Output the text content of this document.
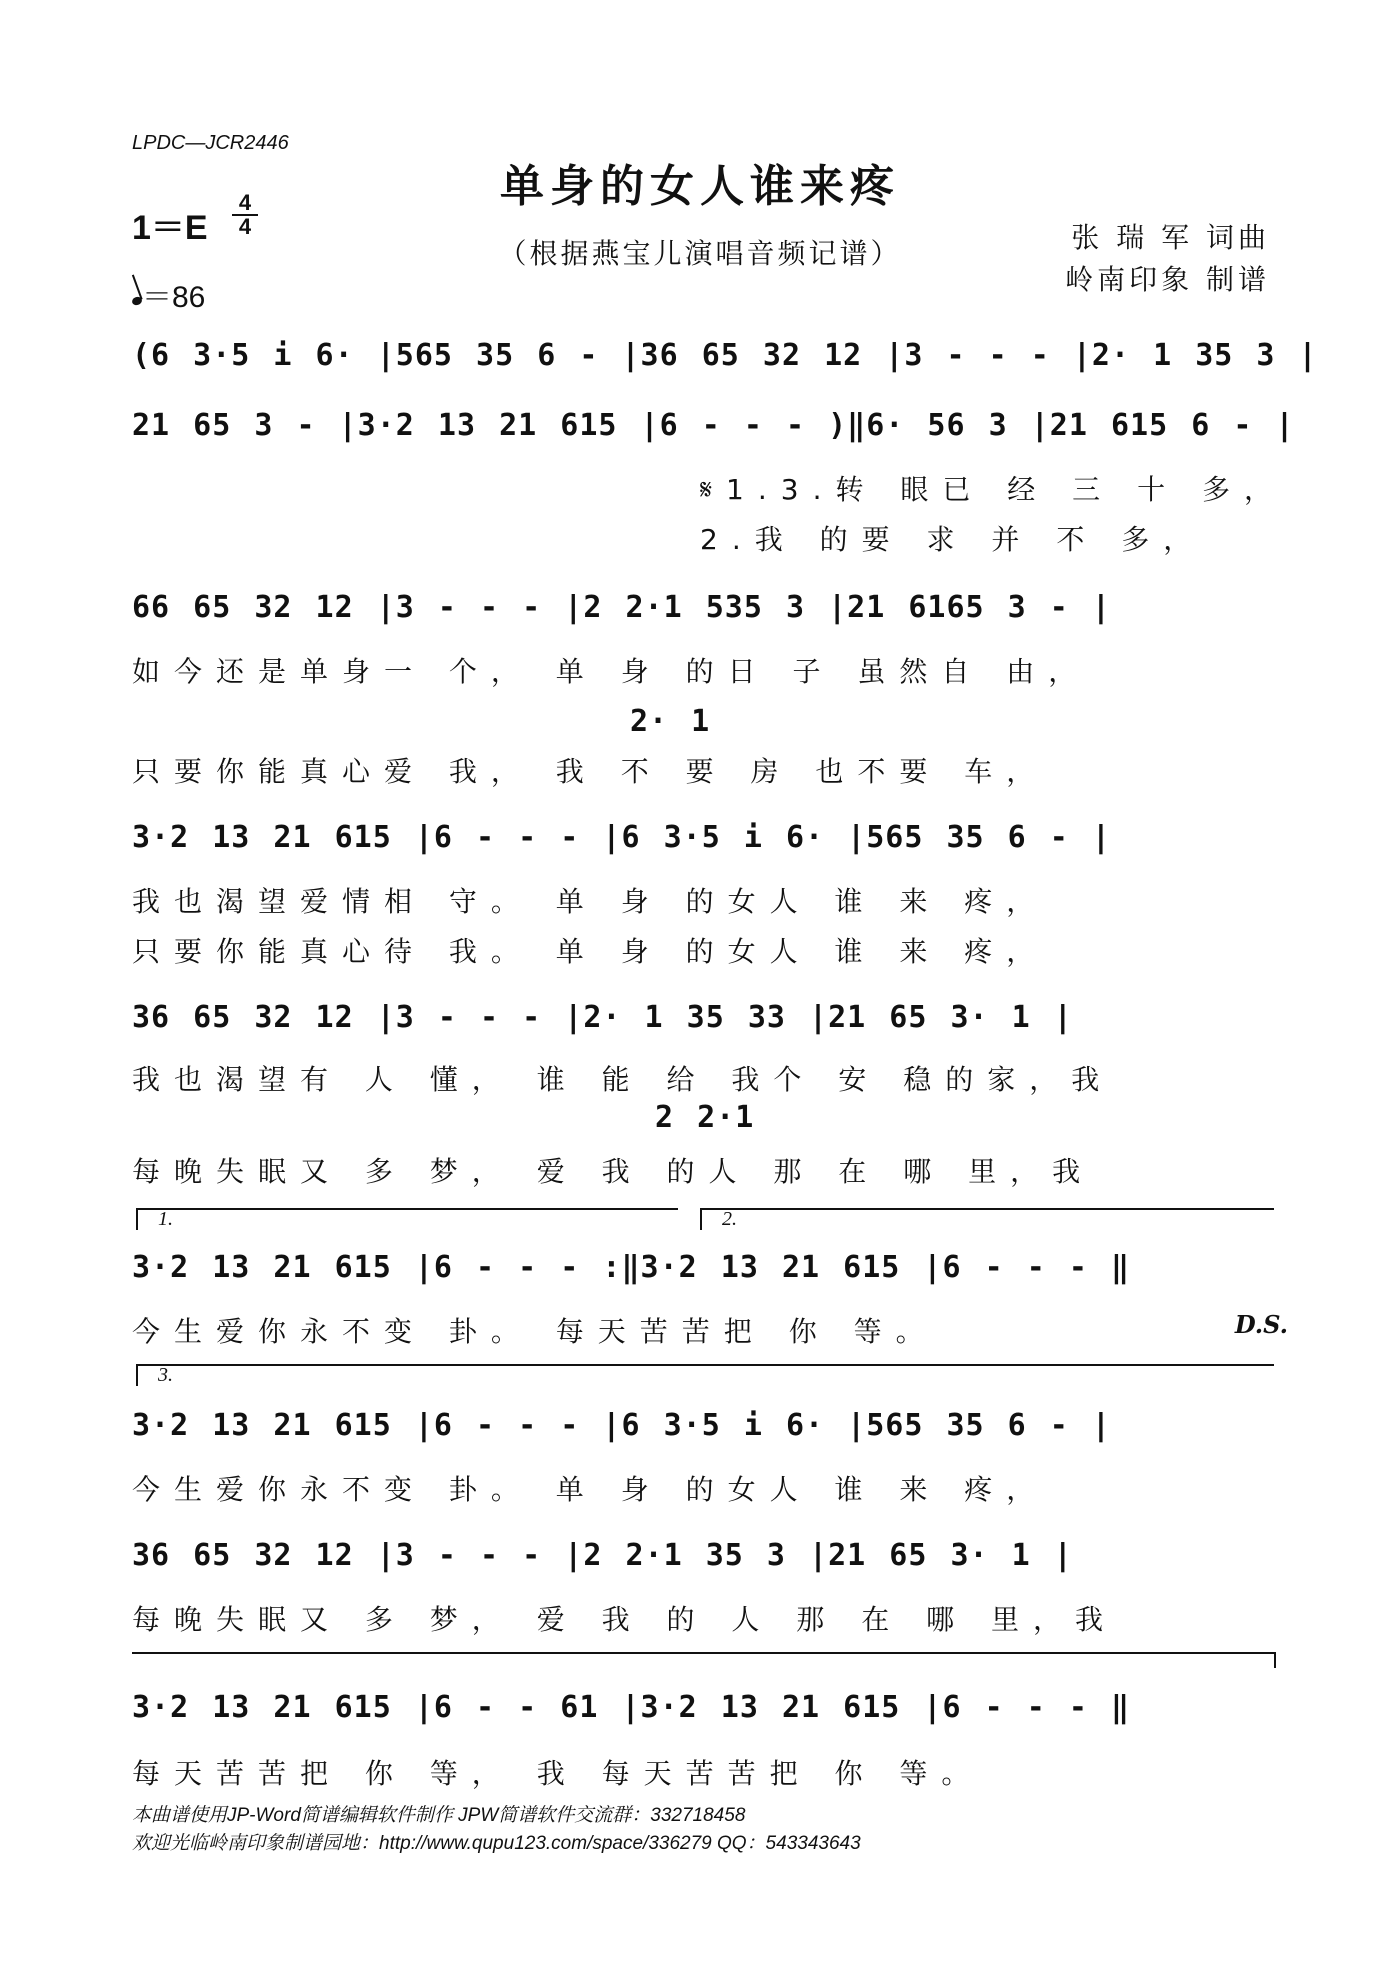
LPDC—JCR2446
单身的女人谁来疼
（根据燕宝儿演唱音频记谱）
1＝E
4
4
＝86
张 瑞 军 词曲
岭南印象 制谱
(6 3·5 i 6· |565 35 6 - |36 65 32 12 |3 - - - |2· 1 35 3 |
21 65 3 - |3·2 13 21 615 |6 - - - )‖6· 56 3 |21 615 6 - |
𝄋1.3.转 眼已 经 三 十 多，
2.我 的要 求 并 不 多，
66 65 32 12 |3 - - - |2 2·1 535 3 |21 6165 3 - |
如今还是单身一 个， 单 身 的日 子 虽然自 由，
2· 1
只要你能真心爱 我， 我 不 要 房 也不要 车，
3·2 13 21 615 |6 - - - |6 3·5 i 6· |565 35 6 - |
我也渴望爱情相 守。 单 身 的女人 谁 来 疼，
只要你能真心待 我。 单 身 的女人 谁 来 疼，
36 65 32 12 |3 - - - |2· 1 35 33 |21 65 3· 1 |
我也渴望有 人 懂， 谁 能 给 我个 安 稳的家，我
2 2·1
每晚失眠又 多 梦， 爱 我 的人 那 在 哪 里，我
1.	2.
3·2 13 21 615 |6 - - - :‖3·2 13 21 615 |6 - - - ‖
今生爱你永不变 卦。 每天苦苦把 你 等。	D.S.
3.
3·2 13 21 615 |6 - - - |6 3·5 i 6· |565 35 6 - |
今生爱你永不变 卦。 单 身 的女人 谁 来 疼，
36 65 32 12 |3 - - - |2 2·1 35 3 |21 65 3· 1 |
每晚失眠又 多 梦， 爱 我 的 人 那 在 哪 里，我
3·2 13 21 615 |6 - - 61 |3·2 13 21 615 |6 - - - ‖
每天苦苦把 你 等， 我 每天苦苦把 你 等。
本曲谱使用JP-Word简谱编辑软件制作 JPW简谱软件交流群：332718458
欢迎光临岭南印象制谱园地：http://www.qupu123.com/space/336279 QQ：543343643
